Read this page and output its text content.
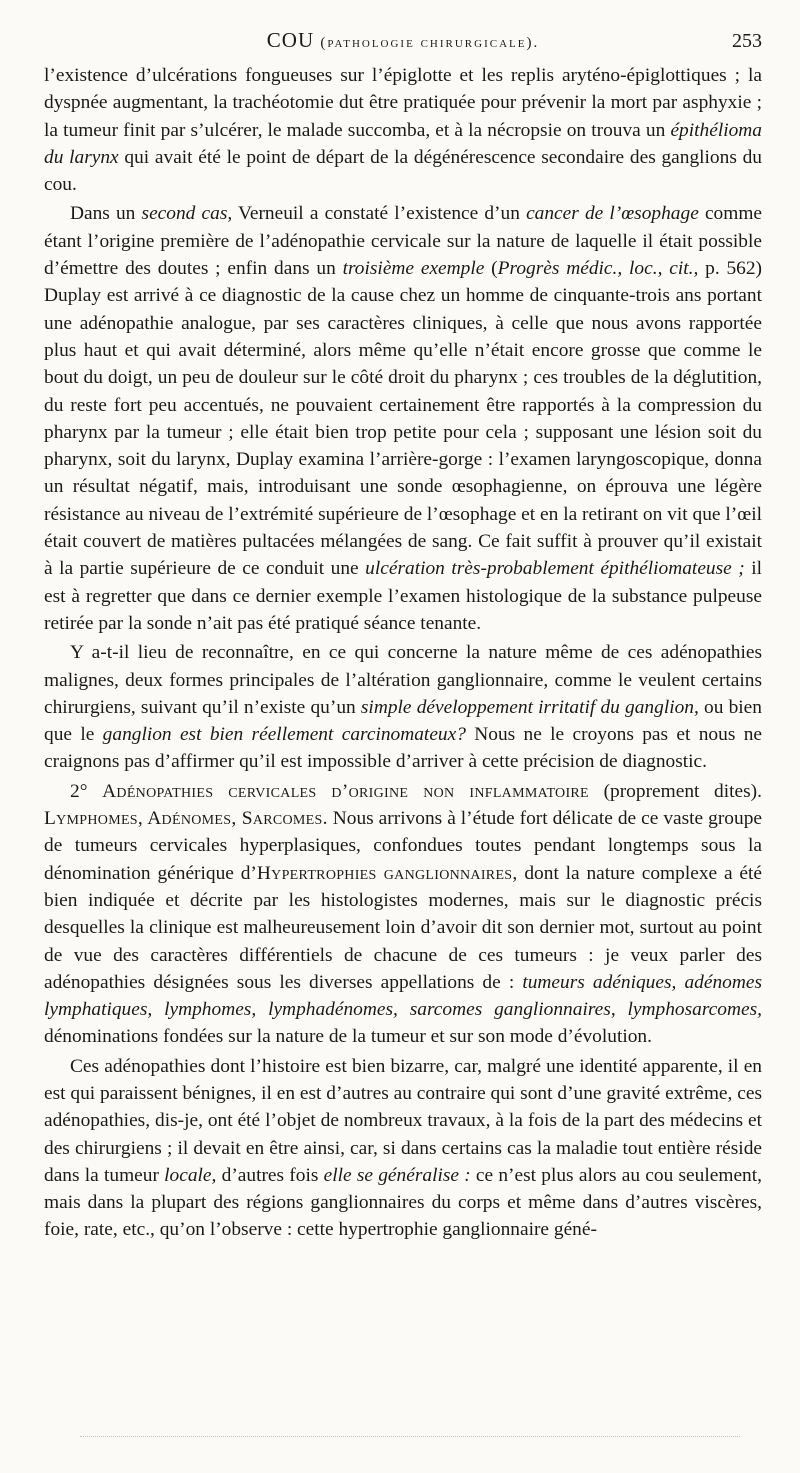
COU (pathologie chirurgicale).	253

l’existence d’ulcérations fongueuses sur l’épiglotte et les replis aryténo-épiglottiques ; la dyspnée augmentant, la trachéotomie dut être pratiquée pour prévenir la mort par asphyxie ; la tumeur finit par s’ulcérer, le malade succomba, et à la nécropsie on trouva un épithélioma du larynx qui avait été le point de départ de la dégénérescence secondaire des ganglions du cou.

Dans un second cas, Verneuil a constaté l’existence d’un cancer de l’œsophage comme étant l’origine première de l’adénopathie cervicale sur la nature de laquelle il était possible d’émettre des doutes ; enfin dans un troisième exemple (Progrès médic., loc., cit., p. 562) Duplay est arrivé à ce diagnostic de la cause chez un homme de cinquante-trois ans portant une adénopathie analogue, par ses caractères cliniques, à celle que nous avons rapportée plus haut et qui avait déterminé, alors même qu’elle n’était encore grosse que comme le bout du doigt, un peu de douleur sur le côté droit du pharynx ; ces troubles de la déglutition, du reste fort peu accentués, ne pouvaient certainement être rapportés à la compression du pharynx par la tumeur ; elle était bien trop petite pour cela ; supposant une lésion soit du pharynx, soit du larynx, Duplay examina l’arrière-gorge : l’examen laryngoscopique, donna un résultat négatif, mais, introduisant une sonde œsophagienne, on éprouva une légère résistance au niveau de l’extrémité supérieure de l’œsophage et en la retirant on vit que l’œil était couvert de matières pultacées mélangées de sang. Ce fait suffit à prouver qu’il existait à la partie supérieure de ce conduit une ulcération très-probablement épithéliomateuse ; il est à regretter que dans ce dernier exemple l’examen histologique de la substance pulpeuse retirée par la sonde n’ait pas été pratiqué séance tenante.

Y a-t-il lieu de reconnaître, en ce qui concerne la nature même de ces adénopathies malignes, deux formes principales de l’altération ganglionnaire, comme le veulent certains chirurgiens, suivant qu’il n’existe qu’un simple développement irritatif du ganglion, ou bien que le ganglion est bien réellement carcinomateux? Nous ne le croyons pas et nous ne craignons pas d’affirmer qu’il est impossible d’arriver à cette précision de diagnostic.

2° Adénopathies cervicales d’origine non inflammatoire (proprement dites). Lymphomes, Adénomes, Sarcomes. Nous arrivons à l’étude fort délicate de ce vaste groupe de tumeurs cervicales hyperplasiques, confondues toutes pendant longtemps sous la dénomination générique d’Hypertrophies ganglionnaires, dont la nature complexe a été bien indiquée et décrite par les histologistes modernes, mais sur le diagnostic précis desquelles la clinique est malheureusement loin d’avoir dit son dernier mot, surtout au point de vue des caractères différentiels de chacune de ces tumeurs : je veux parler des adénopathies désignées sous les diverses appellations de : tumeurs adéniques, adénomes lymphatiques, lymphomes, lymphadénomes, sarcomes ganglionnaires, lymphosarcomes, dénominations fondées sur la nature de la tumeur et sur son mode d’évolution.

Ces adénopathies dont l’histoire est bien bizarre, car, malgré une identité apparente, il en est qui paraissent bénignes, il en est d’autres au contraire qui sont d’une gravité extrême, ces adénopathies, dis-je, ont été l’objet de nombreux travaux, à la fois de la part des médecins et des chirurgiens ; il devait en être ainsi, car, si dans certains cas la maladie tout entière réside dans la tumeur locale, d’autres fois elle se généralise : ce n’est plus alors au cou seulement, mais dans la plupart des régions ganglionnaires du corps et même dans d’autres viscères, foie, rate, etc., qu’on l’observe : cette hypertrophie ganglionnaire géné-
